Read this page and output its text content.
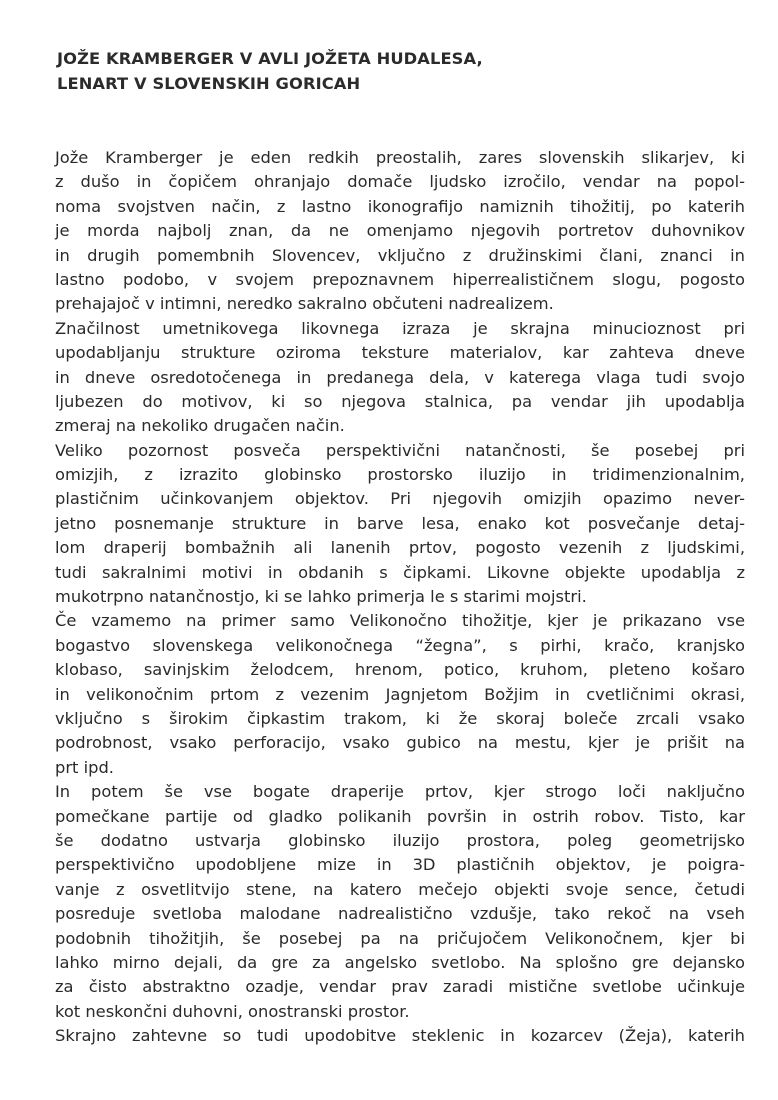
JOŽE KRAMBERGER V AVLI JOŽETA HUDALESA,
LENART V SLOVENSKIH GORICAH
Jože Kramberger je eden redkih preostalih, zares slovenskih slikarjev, ki
z dušo in čopičem ohranjajo domače ljudsko izročilo, vendar na popol-
noma svojstven način, z lastno ikonografijo namiznih tihožitij, po katerih
je morda najbolj znan, da ne omenjamo njegovih portretov duhovnikov
in drugih pomembnih Slovencev, vključno z družinskimi člani, znanci in
lastno podobo, v svojem prepoznavnem hiperrealističnem slogu, pogosto
prehajajoč v intimni, neredko sakralno občuteni nadrealizem.
Značilnost umetnikovega likovnega izraza je skrajna minucioznost pri
upodabljanju strukture oziroma teksture materialov, kar zahteva dneve
in dneve osredotočenega in predanega dela, v katerega vlaga tudi svojo
ljubezen do motivov, ki so njegova stalnica, pa vendar jih upodablja
zmeraj na nekoliko drugačen način.
Veliko pozornost posveča perspektivični natančnosti, še posebej pri
omizjih, z izrazito globinsko prostorsko iluzijo in tridimenzionalnim,
plastičnim učinkovanjem objektov. Pri njegovih omizjih opazimo never-
jetno posnemanje strukture in barve lesa, enako kot posvečanje detaj-
lom draperij bombažnih ali lanenih prtov, pogosto vezenih z ljudskimi,
tudi sakralnimi motivi in obdanih s čipkami. Likovne objekte upodablja z
mukotrpno natančnostjo, ki se lahko primerja le s starimi mojstri.
Če vzamemo na primer samo Velikonočno tihožitje, kjer je prikazano vse
bogastvo slovenskega velikonočnega “žegna”, s pirhi, kračo, kranjsko
klobaso, savinjskim želodcem, hrenom, potico, kruhom, pleteno košaro
in velikonočnim prtom z vezenim Jagnjetom Božjim in cvetličnimi okrasi,
vključno s širokim čipkastim trakom, ki že skoraj boleče zrcali vsako
podrobnost, vsako perforacijo, vsako gubico na mestu, kjer je prišit na
prt ipd.
In potem še vse bogate draperije prtov, kjer strogo loči naključno
pomečkane partije od gladko polikanih površin in ostrih robov. Tisto, kar
še dodatno ustvarja globinsko iluzijo prostora, poleg geometrijsko
perspektivično upodobljene mize in 3D plastičnih objektov, je poigra-
vanje z osvetlitvijo stene, na katero mečejo objekti svoje sence, četudi
posreduje svetloba malodane nadrealistično vzdušje, tako rekoč na vseh
podobnih tihožitjih, še posebej pa na pričujočem Velikonočnem, kjer bi
lahko mirno dejali, da gre za angelsko svetlobo. Na splošno gre dejansko
za čisto abstraktno ozadje, vendar prav zaradi mistične svetlobe učinkuje
kot neskončni duhovni, onostranski prostor.
Skrajno zahtevne so tudi upodobitve steklenic in kozarcev (Žeja), katerih
